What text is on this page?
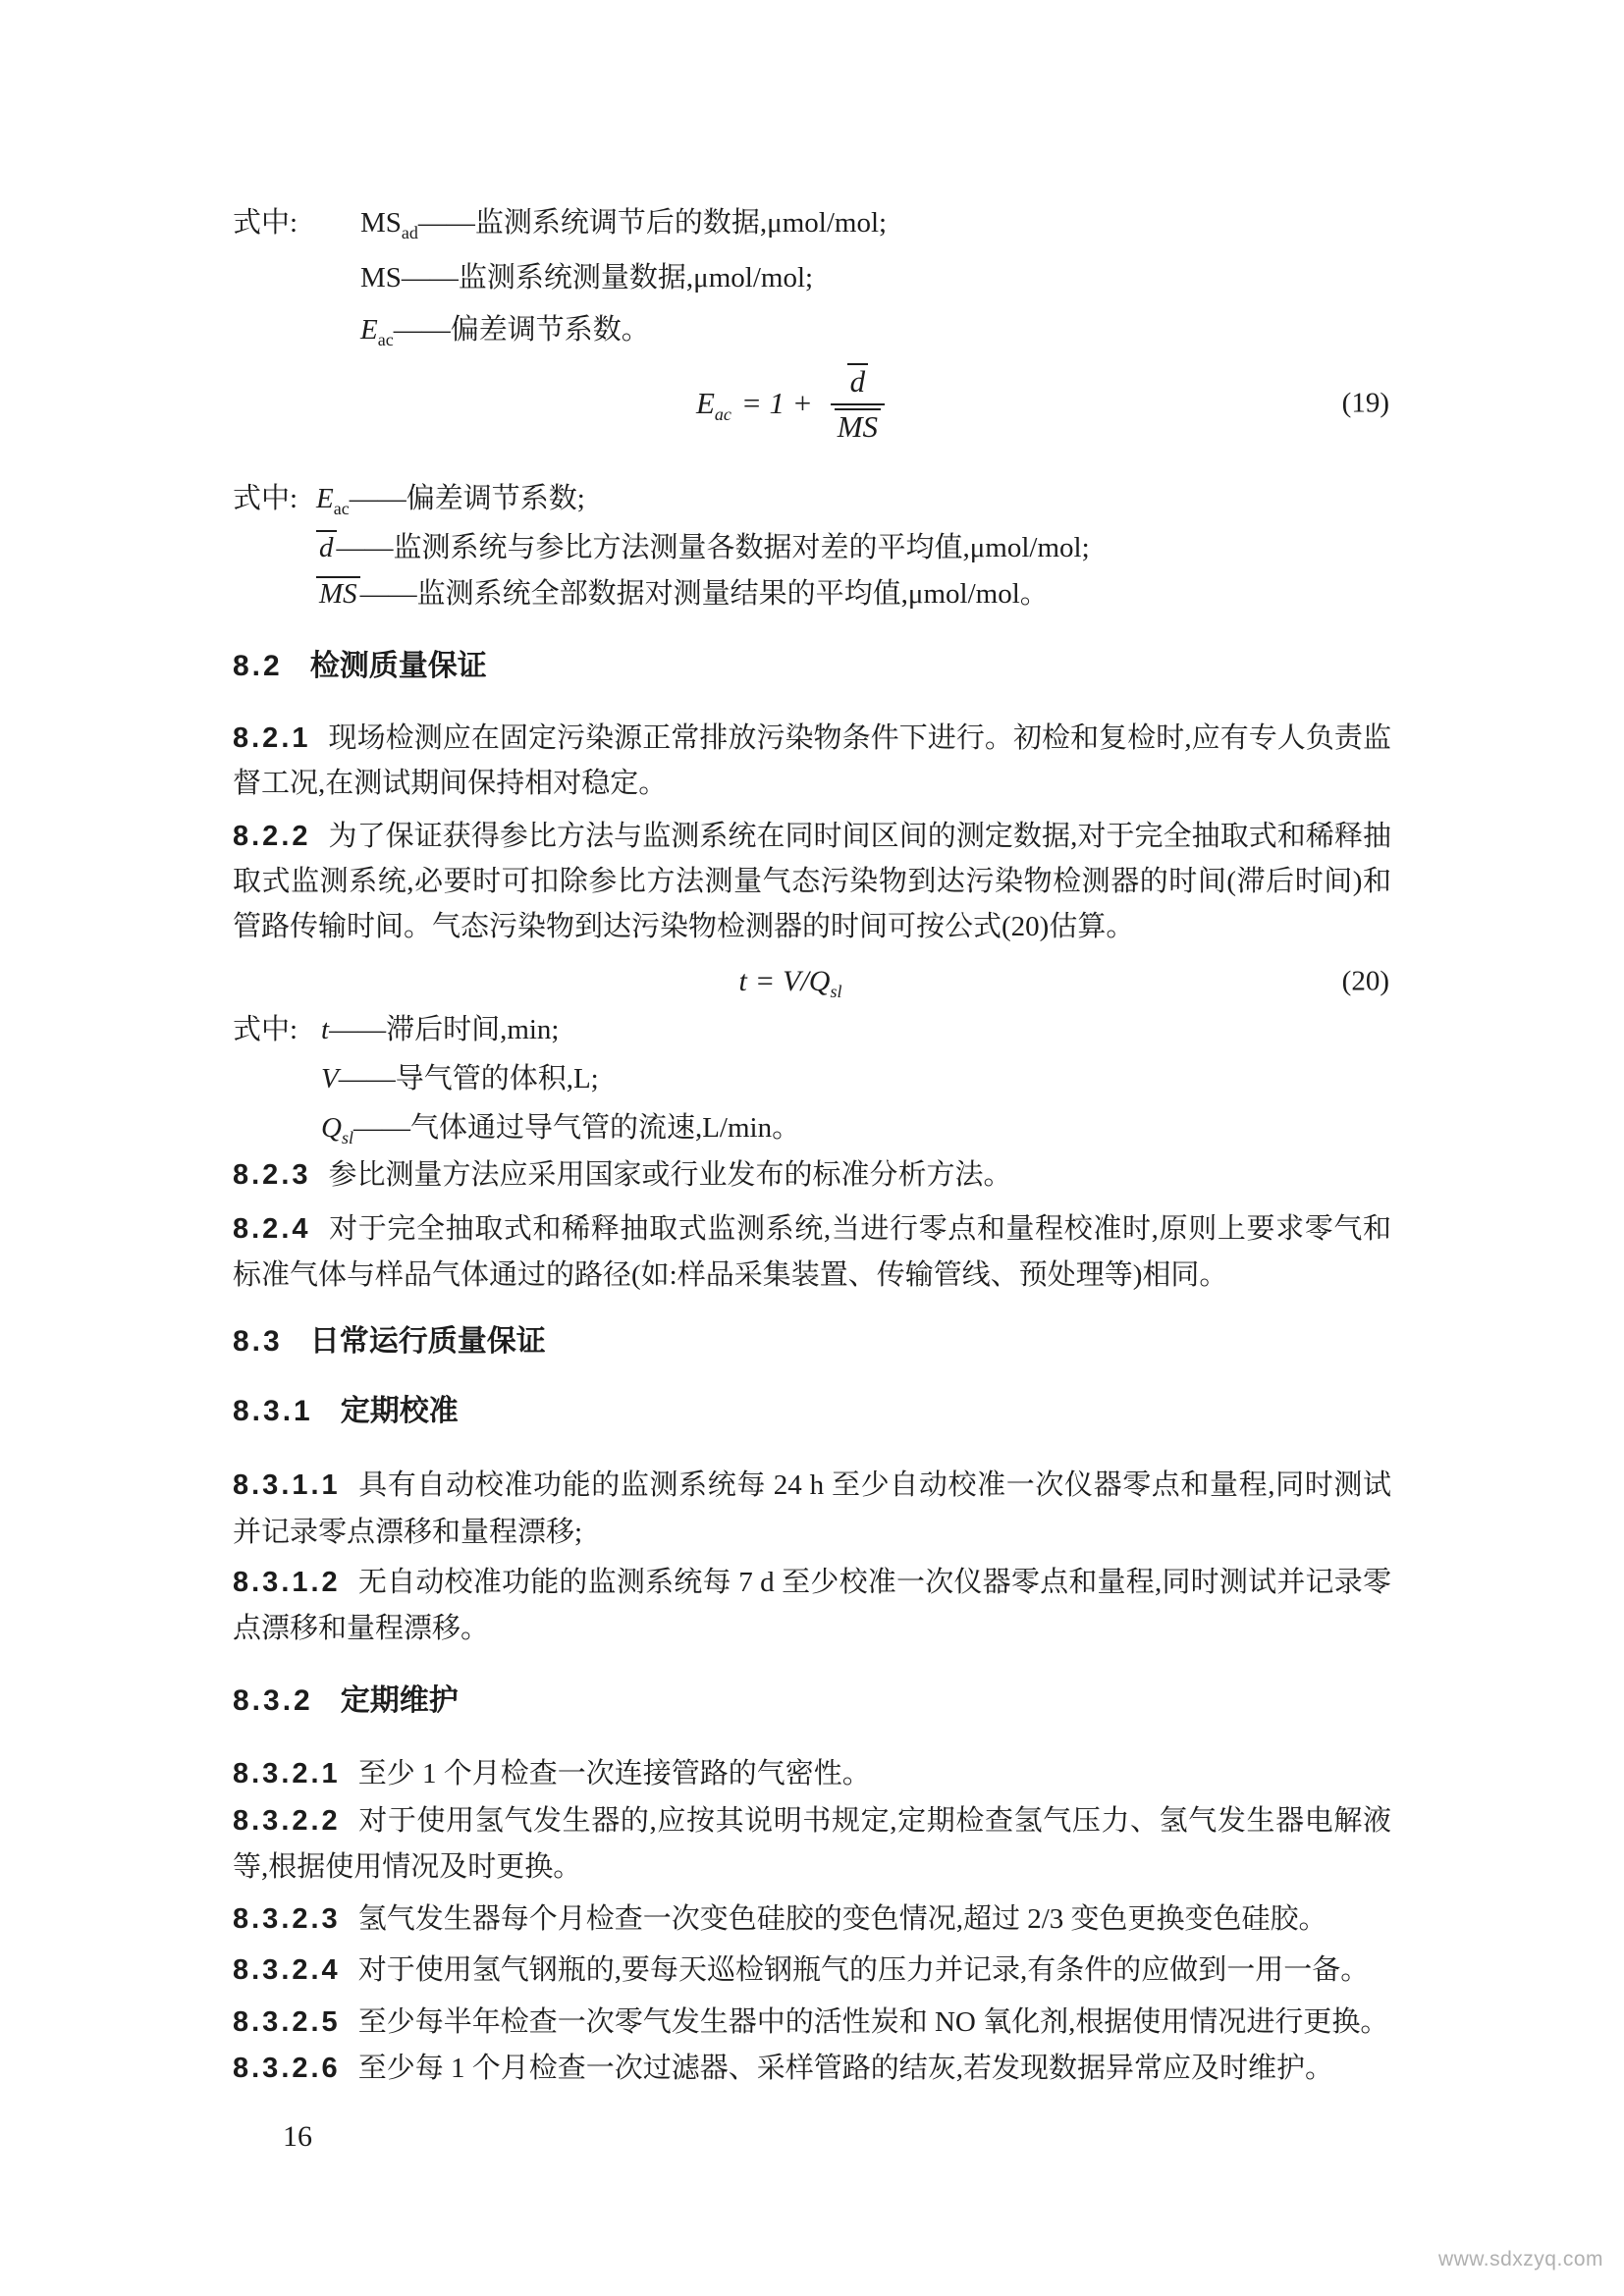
式中: $MS_{ad}——$监测系统调节后的数据,μmol/mol;
MS——监测系统测量数据,μmol/mol;
$E_{ac}——$偏差调节系数。
$E_{ac} = 1 + \frac{d}{MS}$	(19)
式中: $E_{ac}——$偏差调节系数;
d ——监测系统与参比方法测量各数据对差的平均值,μmol/mol;
MS ——监测系统全部数据对测量结果的平均值,μmol/mol。
8.2 检测质量保证
8.2.1 现场检测应在固定污染源正常排放污染物条件下进行。初检和复检时,应有专人负责监督工况,在测试期间保持相对稳定。
8.2.2 为了保证获得参比方法与监测系统在同时间区间的测定数据,对于完全抽取式和稀释抽取式监测系统,必要时可扣除参比方法测量气态污染物到达污染物检测器的时间(滞后时间)和管路传输时间。气态污染物到达污染物检测器的时间可按公式(20)估算。
$t = V/Q_{sl}$	(20)
式中: t——滞后时间,min;
V——导气管的体积,L;
$Q_{sl}——$气体通过导气管的流速,L/min。
8.2.3 参比测量方法应采用国家或行业发布的标准分析方法。
8.2.4 对于完全抽取式和稀释抽取式监测系统,当进行零点和量程校准时,原则上要求零气和标准气体与样品气体通过的路径(如:样品采集装置、传输管线、预处理等)相同。
8.3 日常运行质量保证
8.3.1 定期校准
8.3.1.1 具有自动校准功能的监测系统每 24 h 至少自动校准一次仪器零点和量程,同时测试并记录零点漂移和量程漂移;
8.3.1.2 无自动校准功能的监测系统每 7 d 至少校准一次仪器零点和量程,同时测试并记录零点漂移和量程漂移。
8.3.2 定期维护
8.3.2.1 至少 1 个月检查一次连接管路的气密性。
8.3.2.2 对于使用氢气发生器的,应按其说明书规定,定期检查氢气压力、氢气发生器电解液等,根据使用情况及时更换。
8.3.2.3 氢气发生器每个月检查一次变色硅胶的变色情况,超过 2/3 变色更换变色硅胶。
8.3.2.4 对于使用氢气钢瓶的,要每天巡检钢瓶气的压力并记录,有条件的应做到一用一备。
8.3.2.5 至少每半年检查一次零气发生器中的活性炭和 NO 氧化剂,根据使用情况进行更换。
8.3.2.6 至少每 1 个月检查一次过滤器、采样管路的结灰,若发现数据异常应及时维护。
16
www.sdxzyq.com
